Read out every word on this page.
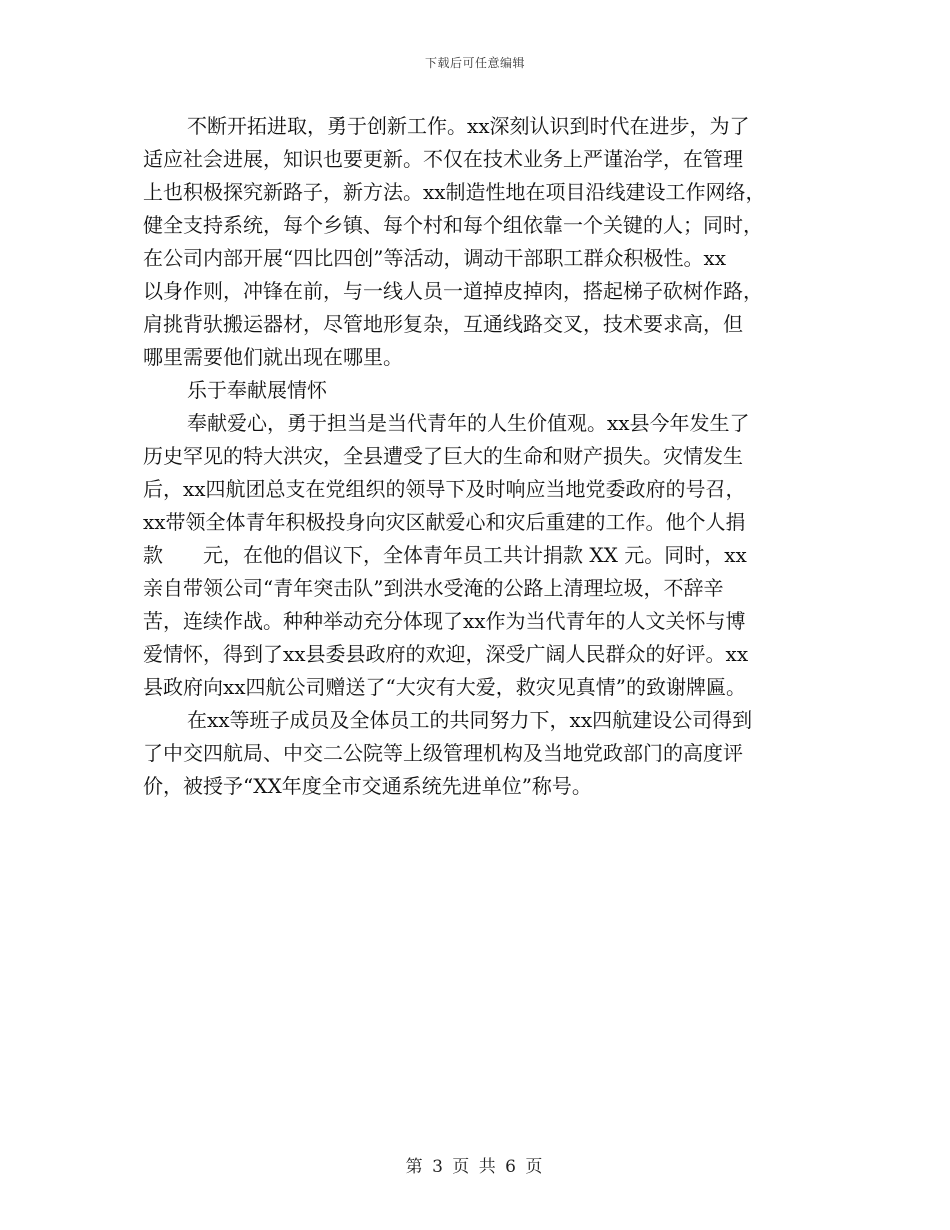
下载后可任意编辑
不断开拓进取，勇于创新工作。xx深刻认识到时代在进步，为了
适应社会进展，知识也要更新。不仅在技术业务上严谨治学，在管理
上也积极探究新路子，新方法。xx制造性地在项目沿线建设工作网络，
健全支持系统，每个乡镇、每个村和每个组依靠一个关键的人；同时，
在公司内部开展“四比四创”等活动，调动干部职工群众积极性。xx
以身作则，冲锋在前，与一线人员一道掉皮掉肉，搭起梯子砍树作路，
肩挑背驮搬运器材，尽管地形复杂，互通线路交叉，技术要求高，但
哪里需要他们就出现在哪里。
乐于奉献展情怀
奉献爱心，勇于担当是当代青年的人生价值观。xx县今年发生了
历史罕见的特大洪灾，全县遭受了巨大的生命和财产损失。灾情发生
后，xx四航团总支在党组织的领导下及时响应当地党委政府的号召，
xx带领全体青年积极投身向灾区献爱心和灾后重建的工作。他个人捐
款　　元，在他的倡议下，全体青年员工共计捐款 XX 元。同时，xx
亲自带领公司“青年突击队”到洪水受淹的公路上清理垃圾，不辞辛
苦，连续作战。种种举动充分体现了xx作为当代青年的人文关怀与博
爱情怀，得到了xx县委县政府的欢迎，深受广阔人民群众的好评。xx
县政府向xx四航公司赠送了“大灾有大爱，救灾见真情”的致谢牌匾。
在xx等班子成员及全体员工的共同努力下，xx四航建设公司得到
了中交四航局、中交二公院等上级管理机构及当地党政部门的高度评
价，被授予“XX年度全市交通系统先进单位”称号。
第 3 页 共 6 页
